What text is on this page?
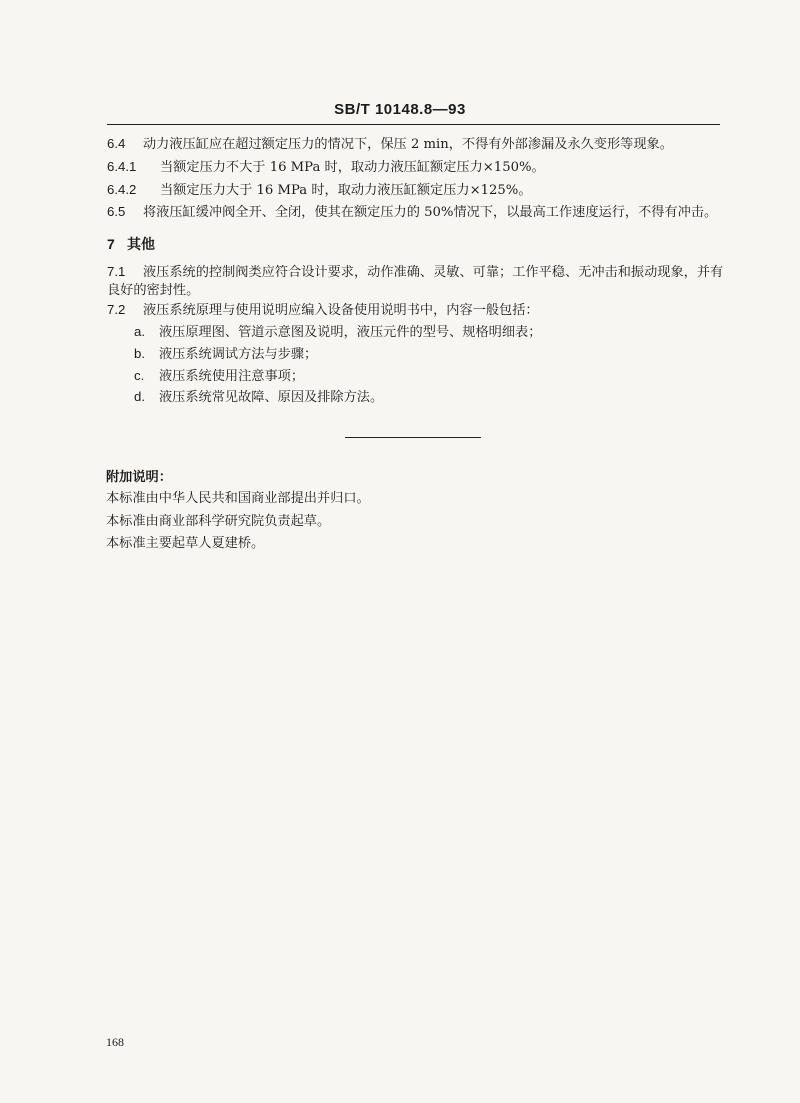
SB/T 10148.8—93
6.4 动力液压缸应在超过额定压力的情况下，保压 2 min，不得有外部渗漏及永久变形等现象。
6.4.1 当额定压力不大于 16 MPa 时，取动力液压缸额定压力×150%。
6.4.2 当额定压力大于 16 MPa 时，取动力液压缸额定压力×125%。
6.5 将液压缸缓冲阀全开、全闭，使其在额定压力的 50%情况下，以最高工作速度运行，不得有冲击。
7 其他
7.1 液压系统的控制阀类应符合设计要求，动作准确、灵敏、可靠；工作平稳、无冲击和振动现象，并有
良好的密封性。
7.2 液压系统原理与使用说明应编入设备使用说明书中，内容一般包括：
a. 液压原理图、管道示意图及说明，液压元件的型号、规格明细表；
b. 液压系统调试方法与步骤；
c. 液压系统使用注意事项；
d. 液压系统常见故障、原因及排除方法。
附加说明：
本标准由中华人民共和国商业部提出并归口。
本标准由商业部科学研究院负责起草。
本标准主要起草人夏建桥。
168
